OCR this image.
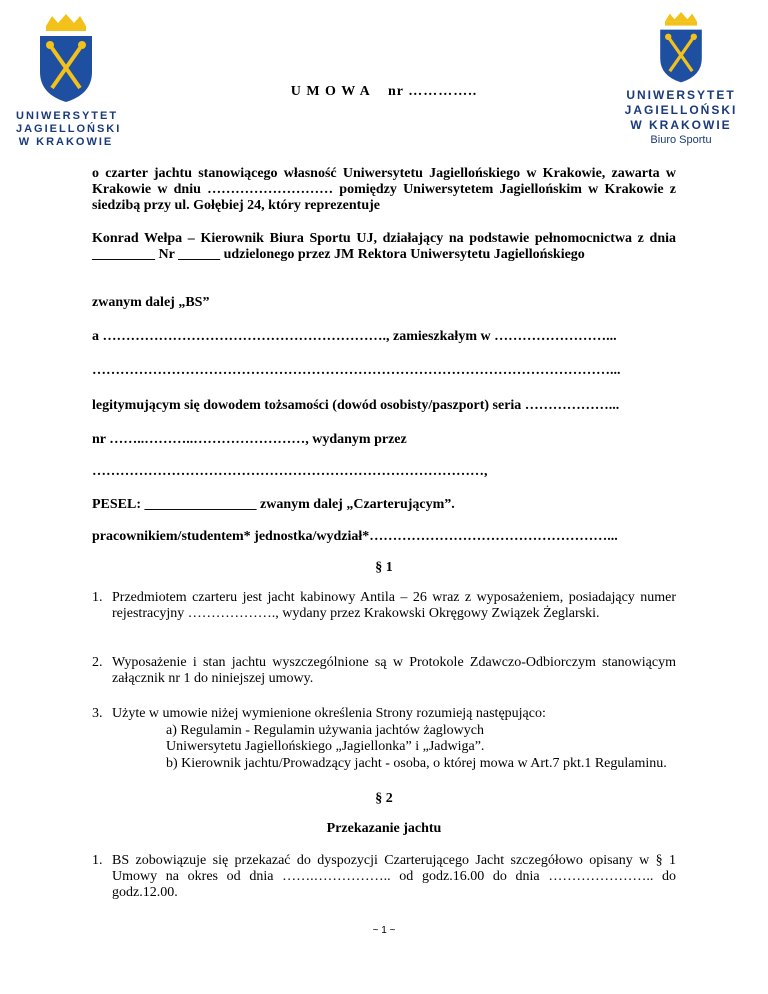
UNIWERSYTET
JAGIELLOŃSKI
W KRAKOWIE
UNIWERSYTET
JAGIELLOŃSKI
W KRAKOWIE
Biuro Sportu
U M O W A    nr …………..
o czarter jachtu stanowiącego własność Uniwersytetu Jagiellońskiego w Krakowie, zawarta w Krakowie w dniu ……………………… pomiędzy Uniwersytetem Jagiellońskim w Krakowie z siedzibą przy ul. Gołębiej 24, który reprezentuje
Konrad Wełpa – Kierownik Biura Sportu UJ, działający na podstawie pełnomocnictwa z dnia _________ Nr ______ udzielonego przez JM Rektora Uniwersytetu Jagiellońskiego
zwanym dalej „BS”
a ……………………………………………………., zamieszkałym w ……………………...
…………………………………………………………………………………………………...
legitymującym się dowodem tożsamości (dowód osobisty/paszport) seria ………………...
nr ……..………..……………………, wydanym przez
…………………………………………………………………………,
PESEL: ________________ zwanym dalej „Czarterującym”.
pracownikiem/studentem* jednostka/wydział*……………………………………………...
§ 1
1. Przedmiotem czarteru jest jacht kabinowy Antila – 26 wraz z wyposażeniem, posiadający numer rejestracyjny ………………., wydany przez Krakowski Okręgowy Związek Żeglarski.
2. Wyposażenie i stan jachtu wyszczególnione są w Protokole Zdawczo-Odbiorczym stanowiącym załącznik nr 1 do niniejszej umowy.
3. Użyte w umowie niżej wymienione określenia Strony rozumieją następująco:
a) Regulamin - Regulamin używania jachtów żaglowych Uniwersytetu Jagiellońskiego „Jagiellonka” i „Jadwiga”.
b) Kierownik jachtu/Prowadzący jacht - osoba, o której mowa w Art.7 pkt.1 Regulaminu.
§ 2
Przekazanie jachtu
1. BS zobowiązuje się przekazać do dyspozycji Czarterującego Jacht szczegółowo opisany w § 1 Umowy na okres od dnia …….…………….. od godz.16.00 do dnia ………………….. do godz.12.00.
~ 1 ~
